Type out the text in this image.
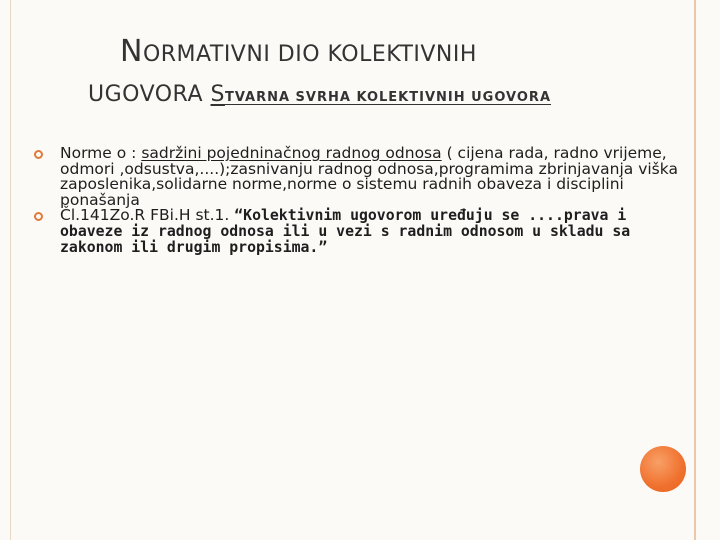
NORMATIVNI DIO KOLEKTIVNIH
UGOVORA STVARNA SVRHA KOLEKTIVNIH UGOVORA
Norme o : sadržini pojedninačnog radnog odnosa ( cijena rada, radno vrijeme, odmori ,odsustva,....);zasnivanju radnog odnosa,programima zbrinjavanja viška zaposlenika,solidarne norme,norme o sistemu radnih obaveza i disciplini ponašanja
Čl.141Zo.R FBi.H st.1. “Kolektivnim ugovorom uređuju se ....prava i obaveze iz radnog odnosa ili u vezi s radnim odnosom u skladu sa zakonom ili drugim propisima.”
